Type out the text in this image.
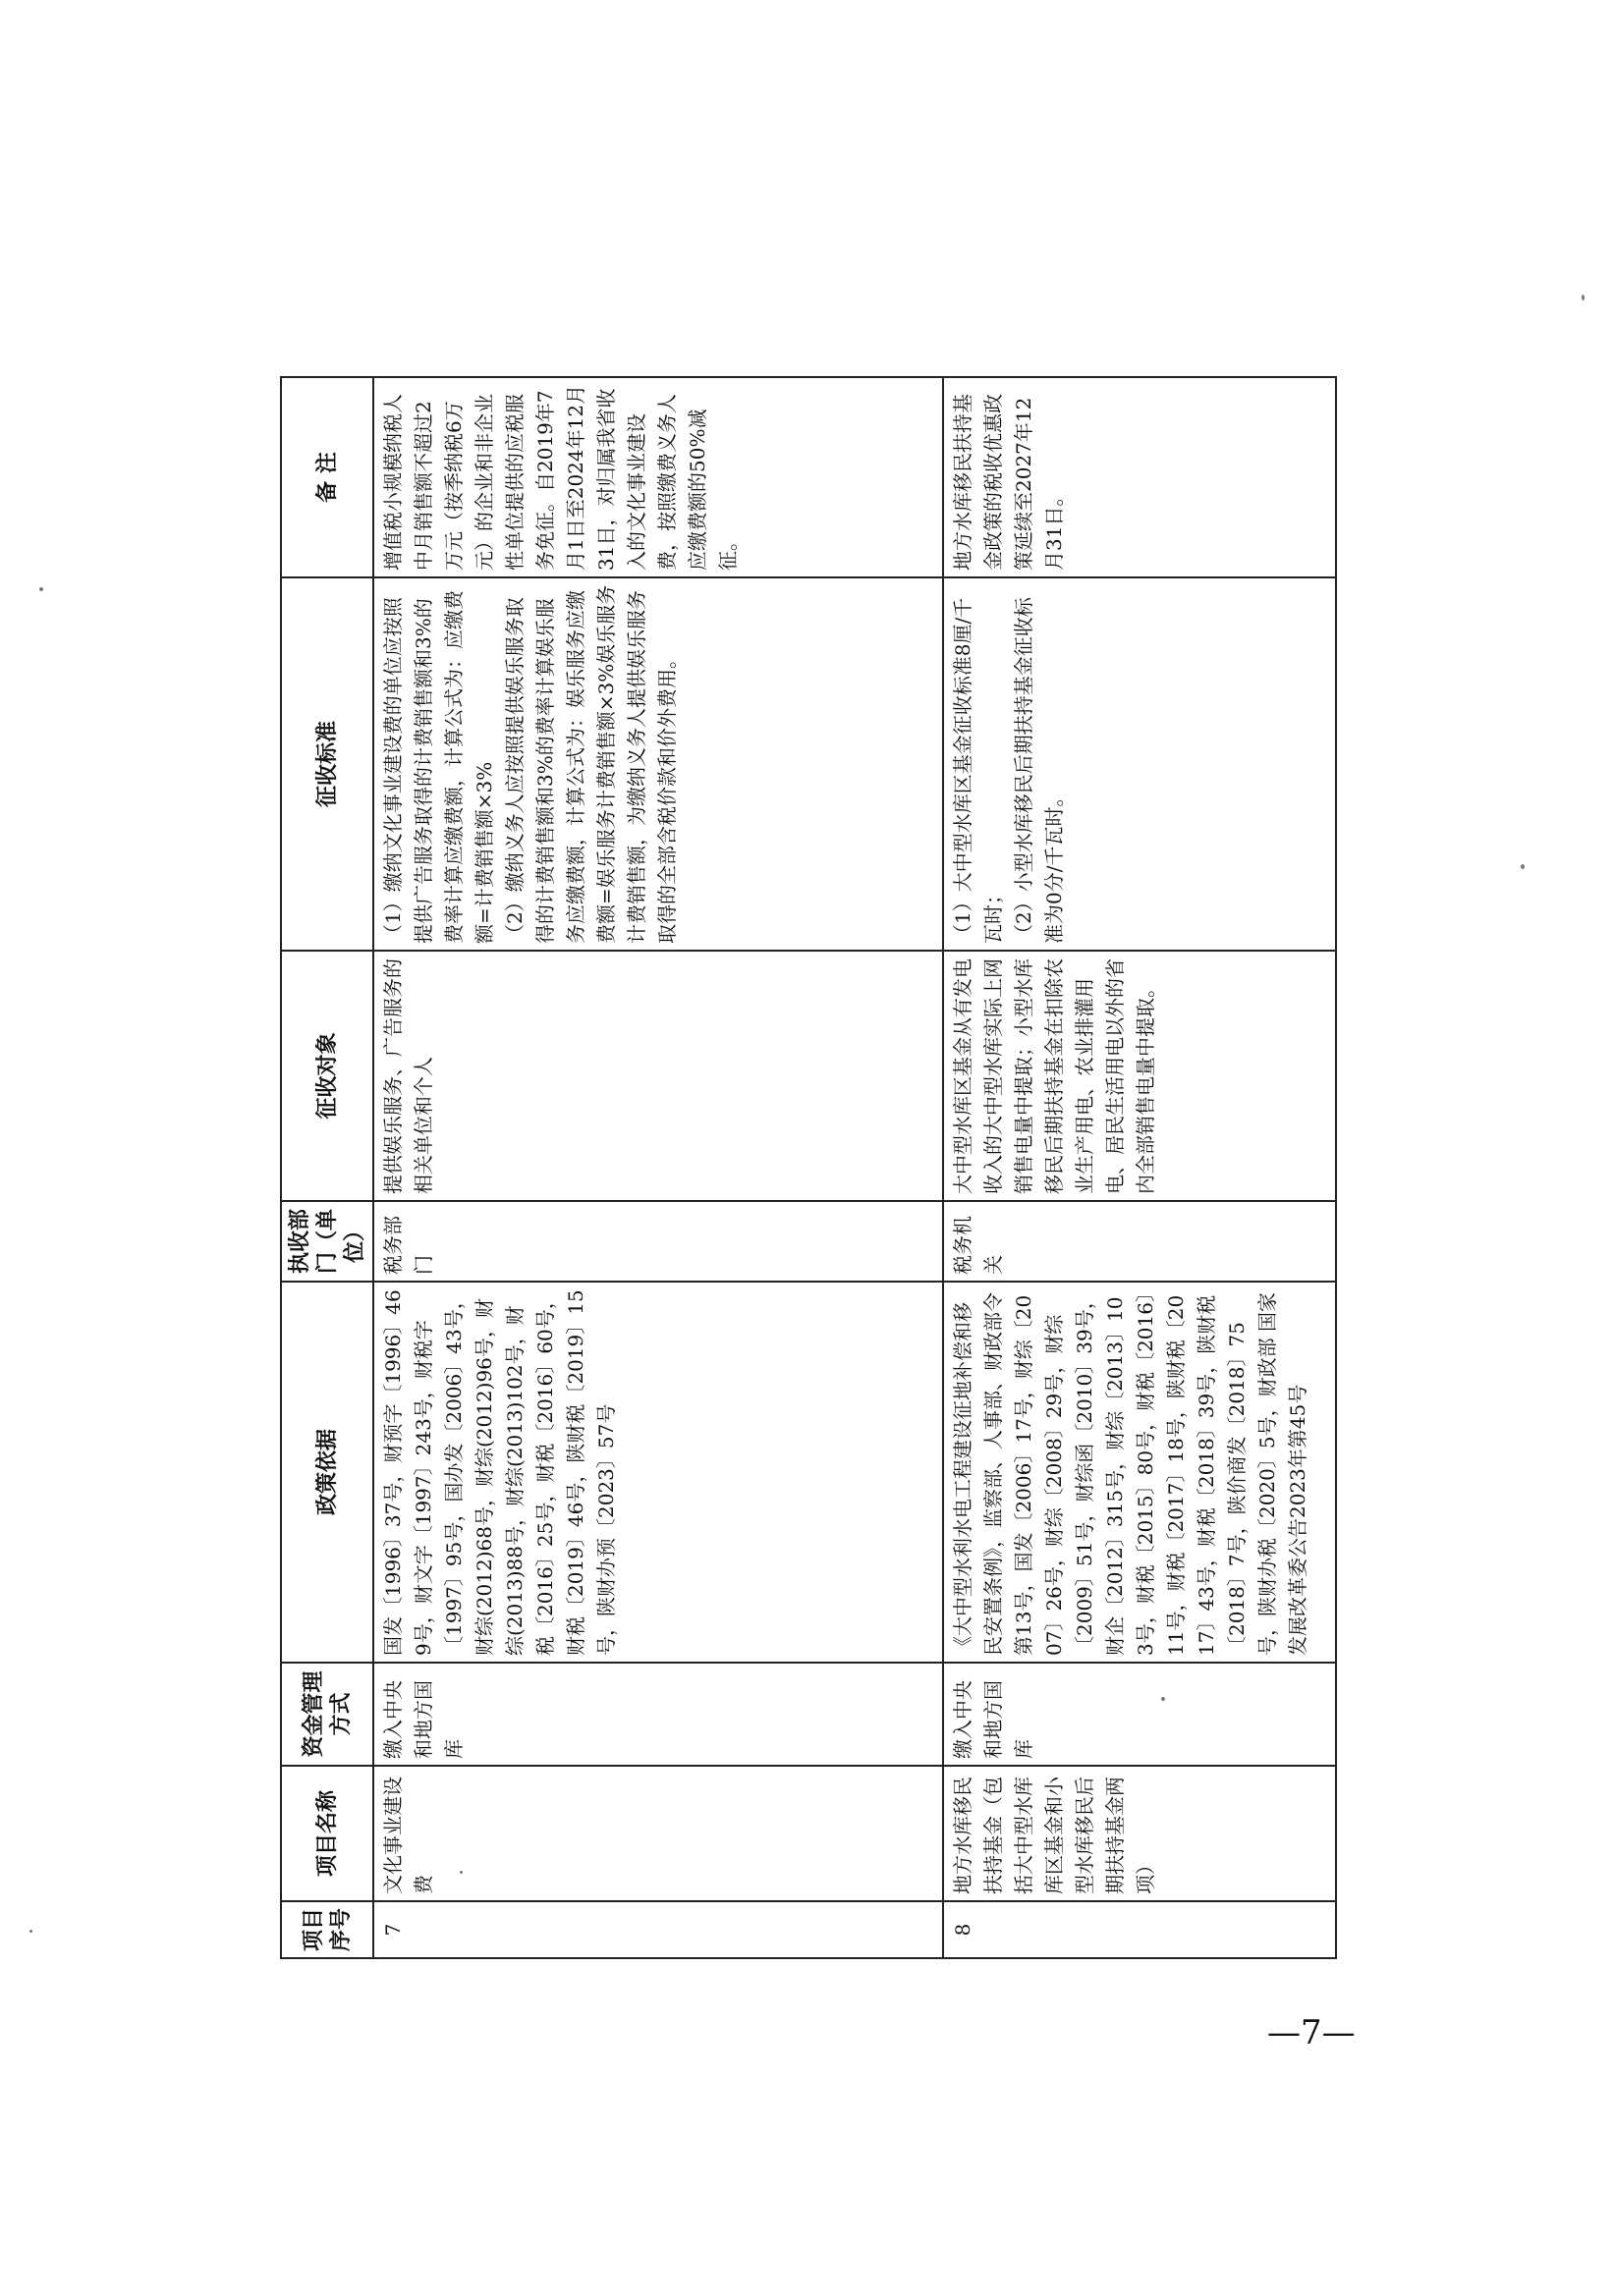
项目序号	项目名称	资金管理方式	政策依据	执收部门（单位）	征收对象	征收标准	备 注
7	文化事业建设费	缴入中央和地方国库	国发〔1996〕37号，财预字〔1996〕469号，财文字〔1997〕243号，财税字〔1997〕95号，国办发〔2006〕43号，财综(2012)68号，财综(2012)96号，财综(2013)88号，财综(2013)102号，财税〔2016〕25号，财税〔2016〕60号，财税〔2019〕46号，陕财税〔2019〕15号，陕财办预〔2023〕57号	税务部门	提供娱乐服务、广告服务的相关单位和个人	（1）缴纳文化事业建设费的单位应按照提供广告服务取得的计费销售额和3%的费率计算应缴费额，计算公式为：应缴费额=计费销售额×3% （2）缴纳义务人应按照提供娱乐服务取得的计费销售额和3%的费率计算娱乐服务应缴费额，计算公式为：娱乐服务应缴费额=娱乐服务计费销售额×3%娱乐服务计费销售额，为缴纳义务人提供娱乐服务取得的全部含税价款和价外费用。	增值税小规模纳税人中月销售额不超过2万元（按季纳税6万元）的企业和非企业性单位提供的应税服务免征。自2019年7月1日至2024年12月31日，对归属我省收入的文化事业建设费，按照缴费义务人应缴费额的50%减征。
8	地方水库移民扶持基金（包括大中型水库库区基金和小型水库移民后期扶持基金两项）	缴入中央和地方国库	《大中型水利水电工程建设征地补偿和移民安置条例》，监察部、人事部、财政部令第13号，国发〔2006〕17号，财综〔2007〕26号，财综〔2008〕29号，财综〔2009〕51号，财综函〔2010〕39号，财企〔2012〕315号，财综〔2013〕103号，财税〔2015〕80号，财税〔2016〕11号，财税〔2017〕18号，陕财税〔2017〕43号，财税〔2018〕39号，陕财税〔2018〕7号，陕价商发〔2018〕75号，陕财办税〔2020〕5号，财政部 国家发展改革委公告2023年第45号	税务机关	大中型水库区基金从有发电收入的大中型水库实际上网销售电量中提取；小型水库移民后期扶持基金在扣除农业生产用电、农业排灌用电、居民生活用电以外的省内全部销售电量中提取。	（1）大中型水库区基金征收标准8厘/千瓦时； （2）小型水库移民后期扶持基金征收标准为0分/千瓦时。	地方水库移民扶持基金政策的税收优惠政策延续至2027年12月31日。
—7—
